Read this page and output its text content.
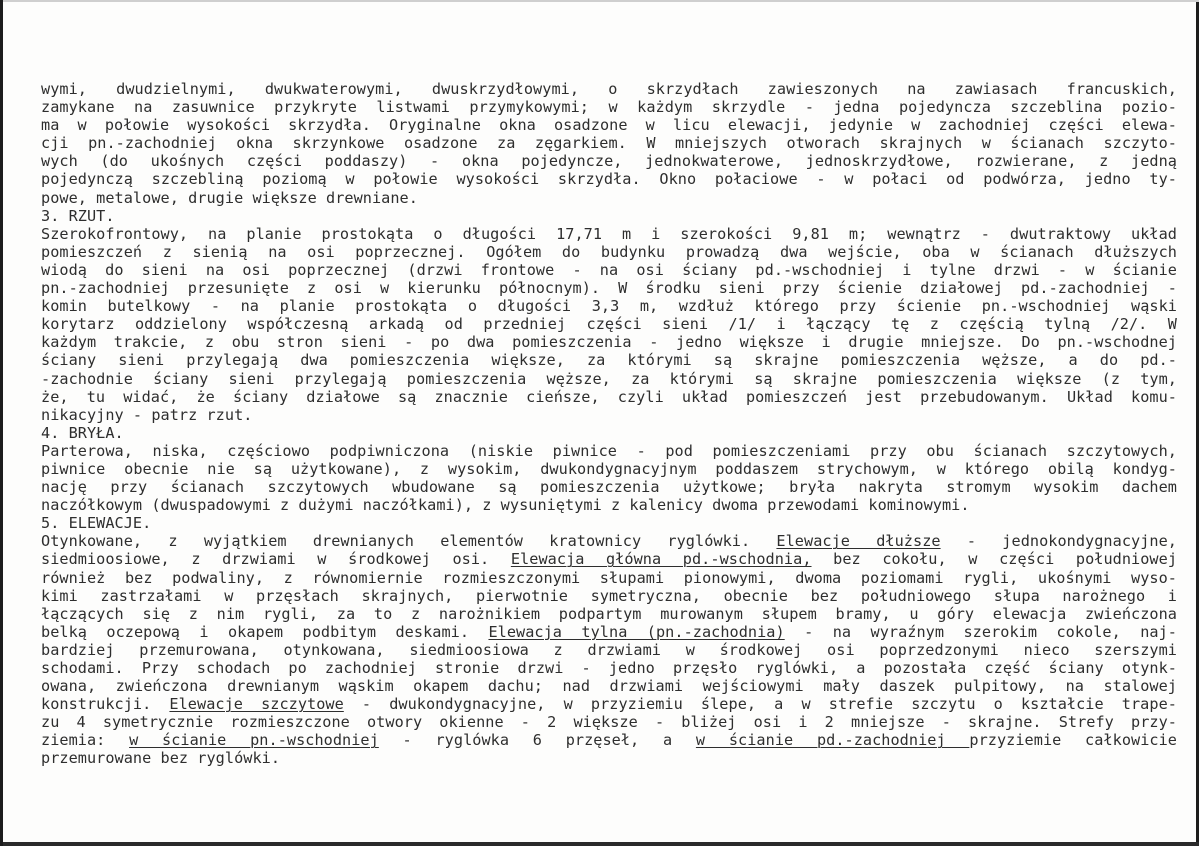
wymi, dwudzielnymi, dwukwaterowymi, dwuskrzydłowymi, o skrzydłach zawieszonych na zawiasach francuskich,
zamykane na zasuwnice przykryte listwami przymykowymi; w każdym skrzydle - jedna pojedyncza szczeblina pozio-
ma w połowie wysokości skrzydła. Oryginalne okna osadzone w licu elewacji, jedynie w zachodniej części elewa-
cji pn.-zachodniej okna skrzynkowe osadzone za zęgarkiem. W mniejszych otworach skrajnych w ścianach szczyto-
wych (do ukośnych części poddaszy) - okna pojedyncze, jednokwaterowe, jednoskrzydłowe, rozwierane, z jedną
pojedynczą szczebliną poziomą w połowie wysokości skrzydła. Okno połaciowe - w połaci od podwórza, jedno ty-
powe, metalowe, drugie większe drewniane.
3. RZUT.
Szerokofrontowy, na planie prostokąta o długości 17,71 m i szerokości 9,81 m; wewnątrz - dwutraktowy układ
pomieszczeń z sienią na osi poprzecznej. Ogółem do budynku prowadzą dwa wejście, oba w ścianach dłuższych
wiodą do sieni na osi poprzecznej (drzwi frontowe - na osi ściany pd.-wschodniej i tylne drzwi - w ścianie
pn.-zachodniej przesunięte z osi w kierunku północnym). W środku sieni przy ścienie działowej pd.-zachodniej -
komin butelkowy - na planie prostokąta o długości 3,3 m, wzdłuż którego przy ścienie pn.-wschodniej wąski
korytarz oddzielony współczesną arkadą od przedniej części sieni /1/ i łączący tę z częścią tylną /2/. W
każdym trakcie, z obu stron sieni - po dwa pomieszczenia - jedno większe i drugie mniejsze. Do pn.-wschodnej
ściany sieni przylegają dwa pomieszczenia większe, za którymi są skrajne pomieszczenia węższe, a do pd.-
-zachodnie ściany sieni przylegają pomieszczenia węższe, za którymi są skrajne pomieszczenia większe (z tym,
że, tu widać, że ściany działowe są znacznie cieńsze, czyli układ pomieszczeń jest przebudowanym. Układ komu-
nikacyjny - patrz rzut.
4. BRYŁA.
Parterowa, niska, częściowo podpiwniczona (niskie piwnice - pod pomieszczeniami przy obu ścianach szczytowych,
piwnice obecnie nie są użytkowane), z wysokim, dwukondygnacyjnym poddaszem strychowym, w którego obilą kondyg-
nację przy ścianach szczytowych wbudowane są pomieszczenia użytkowe; bryła nakryta stromym wysokim dachem
naczółkowym (dwuspadowymi z dużymi naczółkami), z wysuniętymi z kalenicy dwoma przewodami kominowymi.
5. ELEWACJE.
Otynkowane, z wyjątkiem drewnianych elementów kratownicy ryglówki. Elewacje dłuższe - jednokondygnacyjne,
siedmioosiowe, z drzwiami w środkowej osi. Elewacja główna pd.-wschodnia, bez cokołu, w części południowej
również bez podwaliny, z równomiernie rozmieszczonymi słupami pionowymi, dwoma poziomami rygli, ukośnymi wyso-
kimi zastrzałami w przęsłach skrajnych, pierwotnie symetryczna, obecnie bez południowego słupa narożnego i
łączących się z nim rygli, za to z narożnikiem podpartym murowanym słupem bramy, u góry elewacja zwieńczona
belką oczepową i okapem podbitym deskami. Elewacja tylna (pn.-zachodnia) - na wyraźnym szerokim cokole, naj-
bardziej przemurowana, otynkowana, siedmioosiowa z drzwiami w środkowej osi poprzedzonymi nieco szerszymi
schodami. Przy schodach po zachodniej stronie drzwi - jedno przęsło ryglówki, a pozostała część ściany otynk-
owana, zwieńczona drewnianym wąskim okapem dachu; nad drzwiami wejściowymi mały daszek pulpitowy, na stalowej
konstrukcji. Elewacje szczytowe - dwukondygnacyjne, w przyziemiu ślepe, a w strefie szczytu o kształcie trape-
zu 4 symetrycznie rozmieszczone otwory okienne - 2 większe - bliżej osi i 2 mniejsze - skrajne. Strefy przy-
ziemia: w ścianie pn.-wschodniej - ryglówka 6 przęseł, a w ścianie pd.-zachodniej przyziemie całkowicie
przemurowane bez ryglówki.
